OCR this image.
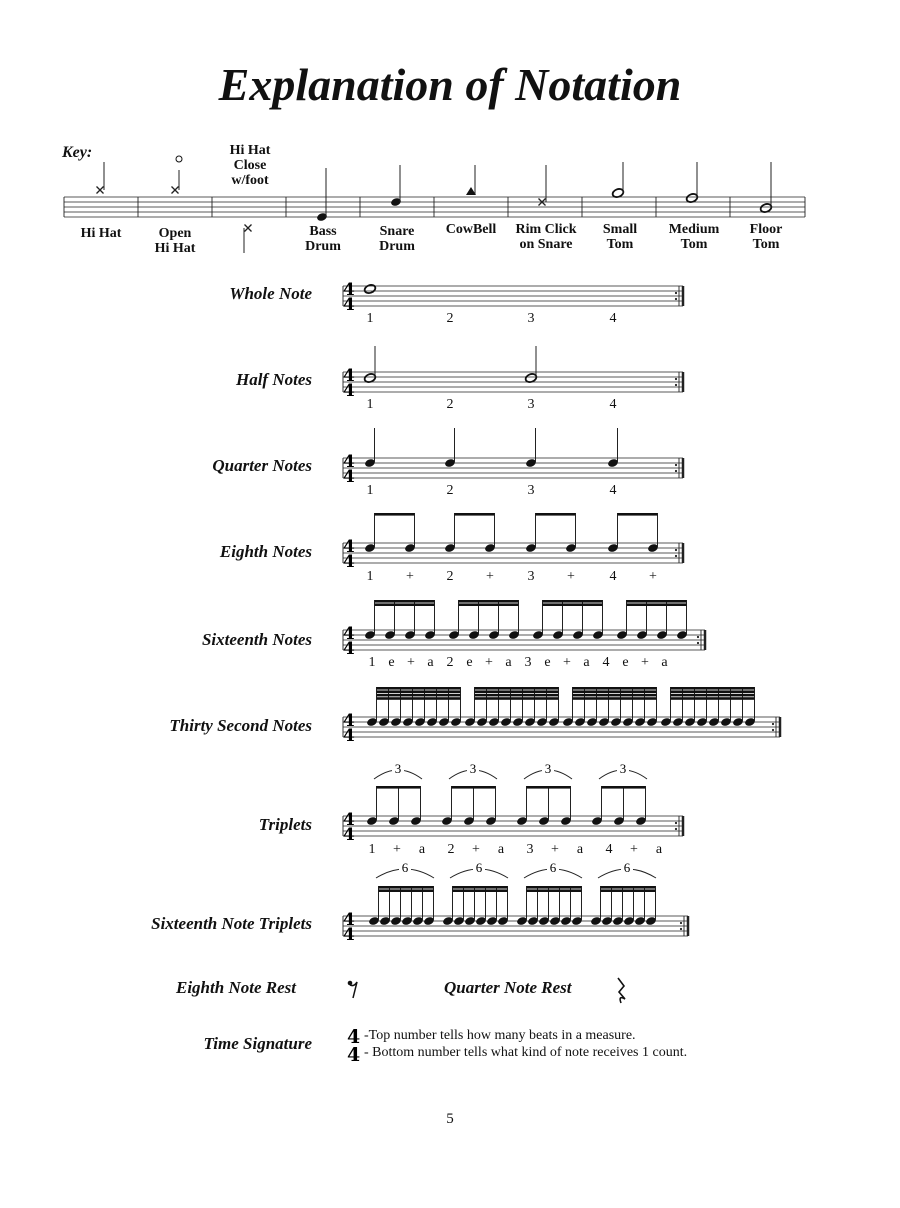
Explanation of Notation
Key:	Hi Hat
Close
w/foot
Hi Hat	Open
Hi Hat
Bass
Drum
Snare
Drum
CowBell Rim Click
on Snare
Small
Tom
Medium
Tom
Floor
Tom
Whole Note
Half Notes
Quarter Notes
Eighth Notes
Sixteenth Notes
Thirty Second Notes
Triplets
Sixteenth Note Triplets
Eighth Note Rest	Quarter Note Rest
Time Signature	-Top number tells how many beats in a measure.
- Bottom number tells what kind of note receives 1 count.
5
1	2	3	4
1	2	3	4
1	2	3	4
1 + 2 + 3 + 4 +
1 e + a 2 e + a 3 e + a 4 e + a
1 + a 2 + a 3 + a 4 + a
4
4
4
4
4
4
4
4
4
4
4
4
4
4
3	3	3	3
4
4
6	6	6	6
4
4
